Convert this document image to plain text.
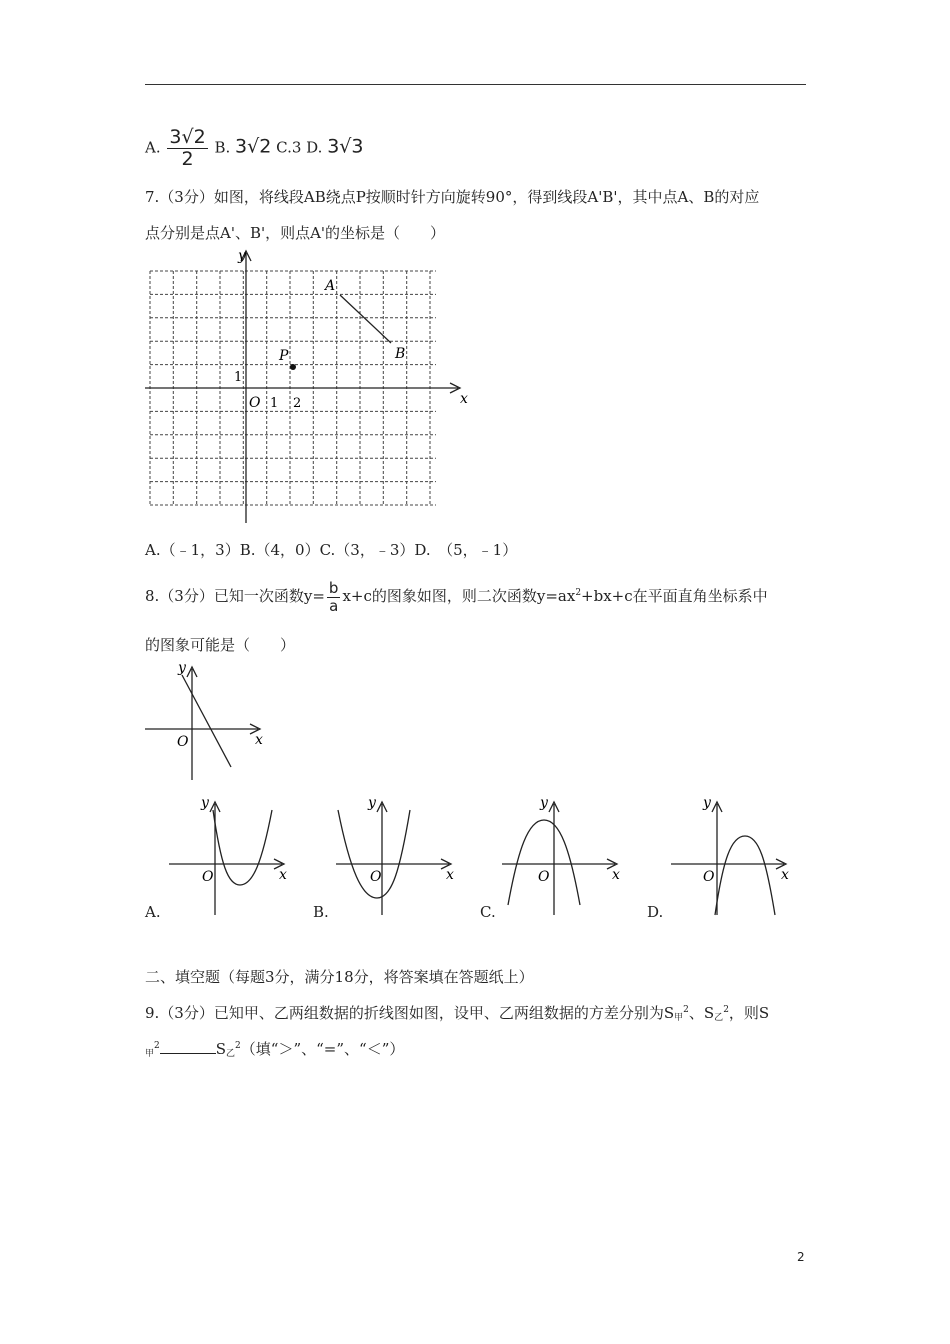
A. $\frac{3√2}{2} B$. 3√2 C.3 D. 3√3
7.（3分）如图，将线段AB绕点P按顺时针方向旋转90°，得到线段A'B'，其中点A、B的对应
点分别是点A'、B'，则点A'的坐标是（　　）
y
x
A
B
P
O 1 2
1
A.（﹣1，3）B.（4，0）C.（3，﹣3）D.　（5，﹣1）
8.（3分）已知一次函数$y= \frac{b}{a} x+c$的图象如图，则二次函数$y=ax^2+bx+c$在平面直角坐标系中
的图象可能是（　　）
y
x
O
y
x
O
A.
y
x
O
B.
y
x
O
C.
y
x
O
D.
二、填空题（每题3分，满分18分，将答案填在答题纸上）
9.（3分）已知甲、乙两组数据的折线图如图，设甲、乙两组数据的方差分别为$S_甲^2$、$S_乙^2$，则S
$_甲^2$	$S_乙^2$（填“＞”、“=”、“＜”）
2
